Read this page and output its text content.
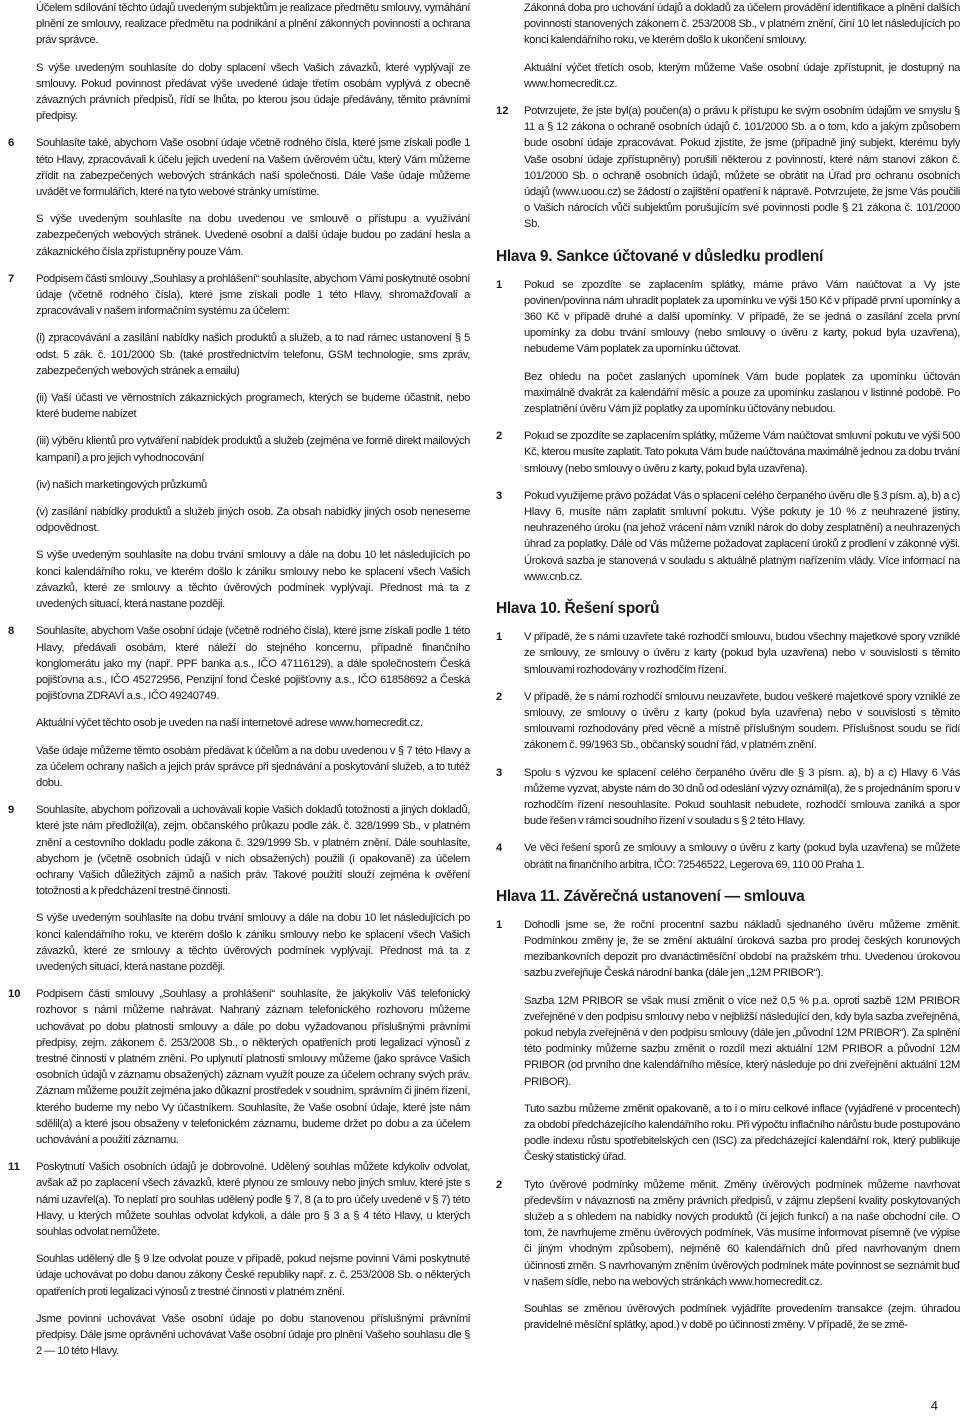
Účelem sdílování těchto údajů uvedeným subjektům je realizace předmětu smlouvy, vymáhání plnění ze smlouvy, realizace předmětu na podnikání a plnění zákonných povinností a ochrana práv správce.

S výše uvedeným souhlasíte do doby splacení všech Vašich závazků, které vyplývají ze smlouvy. Pokud povinnost předávat výše uvedené údaje třetím osobám vyplývá z obecně závazných právních předpisů, řídí se lhůta, po kterou jsou údaje předávány, těmito právními předpisy.

6	Souhlasíte také, abychom Vaše osobní údaje včetně rodného čísla, které jsme získali podle 1 této Hlavy, zpracovávali k účelu jejich uvedení na Vašem úvěrovém účtu, který Vám můžeme zřídit na zabezpečených webových stránkách naší společnosti. Dále Vaše údaje můžeme uvádět ve formulářích, které na tyto webové stránky umístíme.

S výše uvedeným souhlasíte na dobu uvedenou ve smlouvě o přístupu a využívání zabezpečených webových stránek. Uvedené osobní a další údaje budou po zadání hesla a zákaznického čísla zpřístupněny pouze Vám.

7	Podpisem části smlouvy „Souhlasy a prohlášení“ souhlasíte, abychom Vámi poskytnuté osobní údaje (včetně rodného čísla), které jsme získali podle 1 této Hlavy, shromažďovali a zpracovávali v našem informačním systému za účelem:

(i) zpracovávání a zasílání nabídky našich produktů a služeb, a to nad rámec ustanovení § 5 odst. 5 zák. č. 101/2000 Sb. (také prostřednictvím telefonu, GSM technologie, sms zpráv, zabezpečených webových stránek a emailu)

(ii) Vaší účasti ve věrnostních zákaznických programech, kterých se budeme účastnit, nebo které budeme nabízet

(iii) výběru klientů pro vytváření nabídek produktů a služeb (zejména ve formě direkt mailových kampaní) a pro jejich vyhodnocování

(iv) našich marketingových průzkumů

(v) zasílání nabídky produktů a služeb jiných osob. Za obsah nabídky jiných osob neneseme odpovědnost.

S výše uvedeným souhlasíte na dobu trvání smlouvy a dále na dobu 10 let následujících po konci kalendářního roku, ve kterém došlo k zániku smlouvy nebo ke splacení všech Vašich závazků, které ze smlouvy a těchto úvěrových podmínek vyplývají. Přednost má ta z uvedených situací, která nastane později.

8	Souhlasíte, abychom Vaše osobní údaje (včetně rodného čísla), které jsme získali podle 1 této Hlavy, předávali osobám, které náleží do stejného koncernu, případně finančního konglomerátu jako my (např. PPF banka a.s., IČO 47116129), a dále společnostem Česká pojišťovna a.s., IČO 45272956, Penzijní fond České pojišťovny a.s., IČO 61858692 a Česká pojišťovna ZDRAVÍ a.s., IČO 49240749.

Aktuální výčet těchto osob je uveden na naší internetové adrese www.homecredit.cz.

Vaše údaje můžeme těmto osobám předávat k účelům a na dobu uvedenou v § 7 této Hlavy a za účelem ochrany našich a jejich práv správce při sjednávání a poskytování služeb, a to tutéž dobu.

9	Souhlasíte, abychom pořizovali a uchovávali kopie Vašich dokladů totožnosti a jiných dokladů, které jste nám předložil(a), zejm. občanského průkazu podle zák. č. 328/1999 Sb., v platném znění a cestovního dokladu podle zákona č. 329/1999 Sb. v platném znění. Dále souhlasíte, abychom je (včetně osobních údajů v nich obsažených) použili (i opakovaně) za účelem ochrany Vašich důležitých zájmů a našich práv. Takové použití slouží zejména k ověření totožnosti a k předcházení trestné činnosti.

S výše uvedeným souhlasíte na dobu trvání smlouvy a dále na dobu 10 let následujících po konci kalendářního roku, ve kterém došlo k zániku smlouvy nebo ke splacení všech Vašich závazků, které ze smlouvy a těchto úvěrových podmínek vyplývají. Přednost má ta z uvedených situací, která nastane později.

10	Podpisem části smlouvy „Souhlasy a prohlášení“ souhlasíte, že jakýkoliv Váš telefonický rozhovor s námi můžeme nahrávat. Nahraný záznam telefonického rozhovoru můžeme uchovávat po dobu platnosti smlouvy a dále po dobu vyžadovanou příslušnými právními předpisy, zejm. zákonem č. 253/2008 Sb., o některých opatřeních proti legalizaci výnosů z trestné činnosti v platném znění. Po uplynutí platnosti smlouvy můžeme (jako správce Vašich osobních údajů v záznamu obsažených) záznam využít pouze za účelem ochrany svých práv. Záznam můžeme použít zejména jako důkazní prostředek v soudním, správním či jiném řízení, kterého budeme my nebo Vy účastníkem. Souhlasíte, že Vaše osobní údaje, které jste nám sdělil(a) a které jsou obsaženy v telefonickém záznamu, budeme držet po dobu a za účelem uchovávání a použití záznamu.

11	Poskytnutí Vašich osobních údajů je dobrovolné. Udělený souhlas můžete kdykoliv odvolat, avšak až po zaplacení všech závazků, které plynou ze smlouvy nebo jiných smluv, které jste s námi uzavřel(a). To neplatí pro souhlas udělený podle § 7, 8 (a to pro účely uvedené v § 7) této Hlavy, u kterých můžete souhlas odvolat kdykoli, a dále pro § 3 a § 4 této Hlavy, u kterých souhlas odvolat nemůžete.

Souhlas udělený dle § 9 lze odvolat pouze v případě, pokud nejsme povinni Vámi poskytnuté údaje uchovávat po dobu danou zákony České republiky např. z. č. 253/2008 Sb. o některých opatřeních proti legalizaci výnosů z trestné činnosti v platném znění.

Jsme povinni uchovávat Vaše osobní údaje po dobu stanovenou příslušnými právními předpisy. Dále jsme oprávněni uchovávat Vaše osobní údaje pro plnění Vašeho souhlasu dle § 2 — 10 této Hlavy.

Zákonná doba pro uchování údajů a dokladů za účelem provádění identifikace a plnění dalších povinností stanovených zákonem č. 253/2008 Sb., v platném znění, činí 10 let následujících po konci kalendářního roku, ve kterém došlo k ukončení smlouvy.

Aktuální výčet třetích osob, kterým můžeme Vaše osobní údaje zpřístupnit, je dostupný na www.homecredit.cz.

12	Potvrzujete, že jste byl(a) poučen(a) o právu k přístupu ke svým osobním údajům ve smyslu § 11 a § 12 zákona o ochraně osobních údajů č. 101/2000 Sb. a o tom, kdo a jakým způsobem bude osobní údaje zpracovávat. Pokud zjistíte, že jsme (případně jiný subjekt, kterému byly Vaše osobní údaje zpřístupněny) porušili některou z povinností, které nám stanoví zákon č. 101/2000 Sb. o ochraně osobních údajů, můžete se obrátit na Úřad pro ochranu osobních údajů (www.uoou.cz) se žádostí o zajištění opatření k nápravě. Potvrzujete, že jsme Vás poučili o Vašich nárocích vůči subjektům porušujícím své povinnosti podle § 21 zákona č. 101/2000 Sb.

Hlava 9. Sankce účtované v důsledku prodlení
1	Pokud se zpozdíte se zaplacením splátky, máme právo Vám naúčtovat a Vy jste povinen/povinna nám uhradit poplatek za upomínku ve výši 150 Kč v případě první upomínky a 360 Kč v případě druhé a další upomínky. V případě, že se jedná o zasílání zcela první upomínky za dobu trvání smlouvy (nebo smlouvy o úvěru z karty, pokud byla uzavřena), nebudeme Vám poplatek za upomínku účtovat.

Bez ohledu na počet zaslaných upomínek Vám bude poplatek za upomínku účtován maximálně dvakrát za kalendářní měsíc a pouze za upomínku zaslanou v listinné podobě. Po zesplatnění úvěru Vám již poplatky za upomínku účtovány nebudou.

2	Pokud se zpozdíte se zaplacením splátky, můžeme Vám naúčtovat smluvní pokutu ve výši 500 Kč, kterou musíte zaplatit. Tato pokuta Vám bude naúčtována maximálně jednou za dobu trvání smlouvy (nebo smlouvy o úvěru z karty, pokud byla uzavřena).

3	Pokud využijeme právo požádat Vás o splacení celého čerpaného úvěru dle § 3 písm. a), b) a c) Hlavy 6, musíte nám zaplatit smluvní pokutu. Výše pokuty je 10 % z neuhrazené jistiny, neuhrazeného úroku (na jehož vrácení nám vznikl nárok do doby zesplatnění) a neuhrazených úhrad za poplatky. Dále od Vás můžeme požadovat zaplacení úroků z prodlení v zákonné výši. Úroková sazba je stanovená v souladu s aktuálně platným nařízením vlády. Více informací na www.cnb.cz.

Hlava 10. Řešení sporů
1	V případě, že s námi uzavřete také rozhodčí smlouvu, budou všechny majetkové spory vzniklé ze smlouvy, ze smlouvy o úvěru z karty (pokud byla uzavřena) nebo v souvislosti s těmito smlouvami rozhodovány v rozhodčím řízení.

2	V případě, že s námi rozhodčí smlouvu neuzavřete, budou veškeré majetkové spory vzniklé ze smlouvy, ze smlouvy o úvěru z karty (pokud byla uzavřena) nebo v souvislosti s těmito smlouvami rozhodovány před věcně a místně příslušným soudem. Příslušnost soudu se řídí zákonem č. 99/1963 Sb., občanský soudní řád, v platném znění.

3	Spolu s výzvou ke splacení celého čerpaného úvěru dle § 3 písm. a), b) a c) Hlavy 6 Vás můžeme vyzvat, abyste nám do 30 dnů od odeslání výzvy oznámil(a), že s projednáním sporu v rozhodčím řízení nesouhlasíte. Pokud souhlasit nebudete, rozhodčí smlouva zaniká a spor bude řešen v rámci soudního řízení v souladu s § 2 této Hlavy.

4	Ve věci řešení sporů ze smlouvy a smlouvy o úvěru z karty (pokud byla uzavřena) se můžete obrátit na finančního arbitra, IČO: 72546522, Legerova 69, 110 00 Praha 1.

Hlava 11. Závěrečná ustanovení — smlouva
1	Dohodli jsme se, že roční procentní sazbu nákladů sjednaného úvěru můžeme změnit. Podmínkou změny je, že se změní aktuální úroková sazba pro prodej českých korunových mezibankovních depozit pro dvanáctiměsíční období na pražském trhu. Uvedenou úrokovou sazbu zveřejňuje Česká národní banka (dále jen „12M PRIBOR“).

Sazba 12M PRIBOR se však musí změnit o více než 0,5 % p.a. oproti sazbě 12M PRIBOR zveřejněné v den podpisu smlouvy nebo v nejbližší následující den, kdy byla sazba zveřejněná, pokud nebyla zveřejněná v den podpisu smlouvy (dále jen „původní 12M PRIBOR“). Za splnění této podmínky můžeme sazbu změnit o rozdíl mezi aktuální 12M PRIBOR a původní 12M PRIBOR (od prvního dne kalendářního měsíce, který následuje po dni zveřejnění aktuální 12M PRIBOR).

Tuto sazbu můžeme změnit opakovaně, a to i o míru celkové inflace (vyjádřené v procentech) za období předcházejícího kalendářního roku. Při výpočtu inflačního nárůstu bude postupováno podle indexu růstu spotřebitelských cen (ISC) za předcházející kalendářní rok, který publikuje Český statistický úřad.

2	Tyto úvěrové podmínky můžeme měnit. Změny úvěrových podmínek můžeme navrhovat především v návaznosti na změny právních předpisů, v zájmu zlepšení kvality poskytovaných služeb a s ohledem na nabídky nových produktů (či jejich funkcí) a na naše obchodní cíle. O tom, že navrhujeme změnu úvěrových podmínek, Vás musíme informovat písemně (ve výpise či jiným vhodným způsobem), nejméně 60 kalendářních dnů před navrhovaným dnem účinnosti změn. S navrhovaným zněním úvěrových podmínek máte povinnost se seznámit buď v našem sídle, nebo na webových stránkách www.homecredit.cz.

Souhlas se změnou úvěrových podmínek vyjádříte provedením transakce (zejm. úhradou pravidelné měsíční splátky, apod.) v době po účinnosti změny. V případě, že se změ-

4
